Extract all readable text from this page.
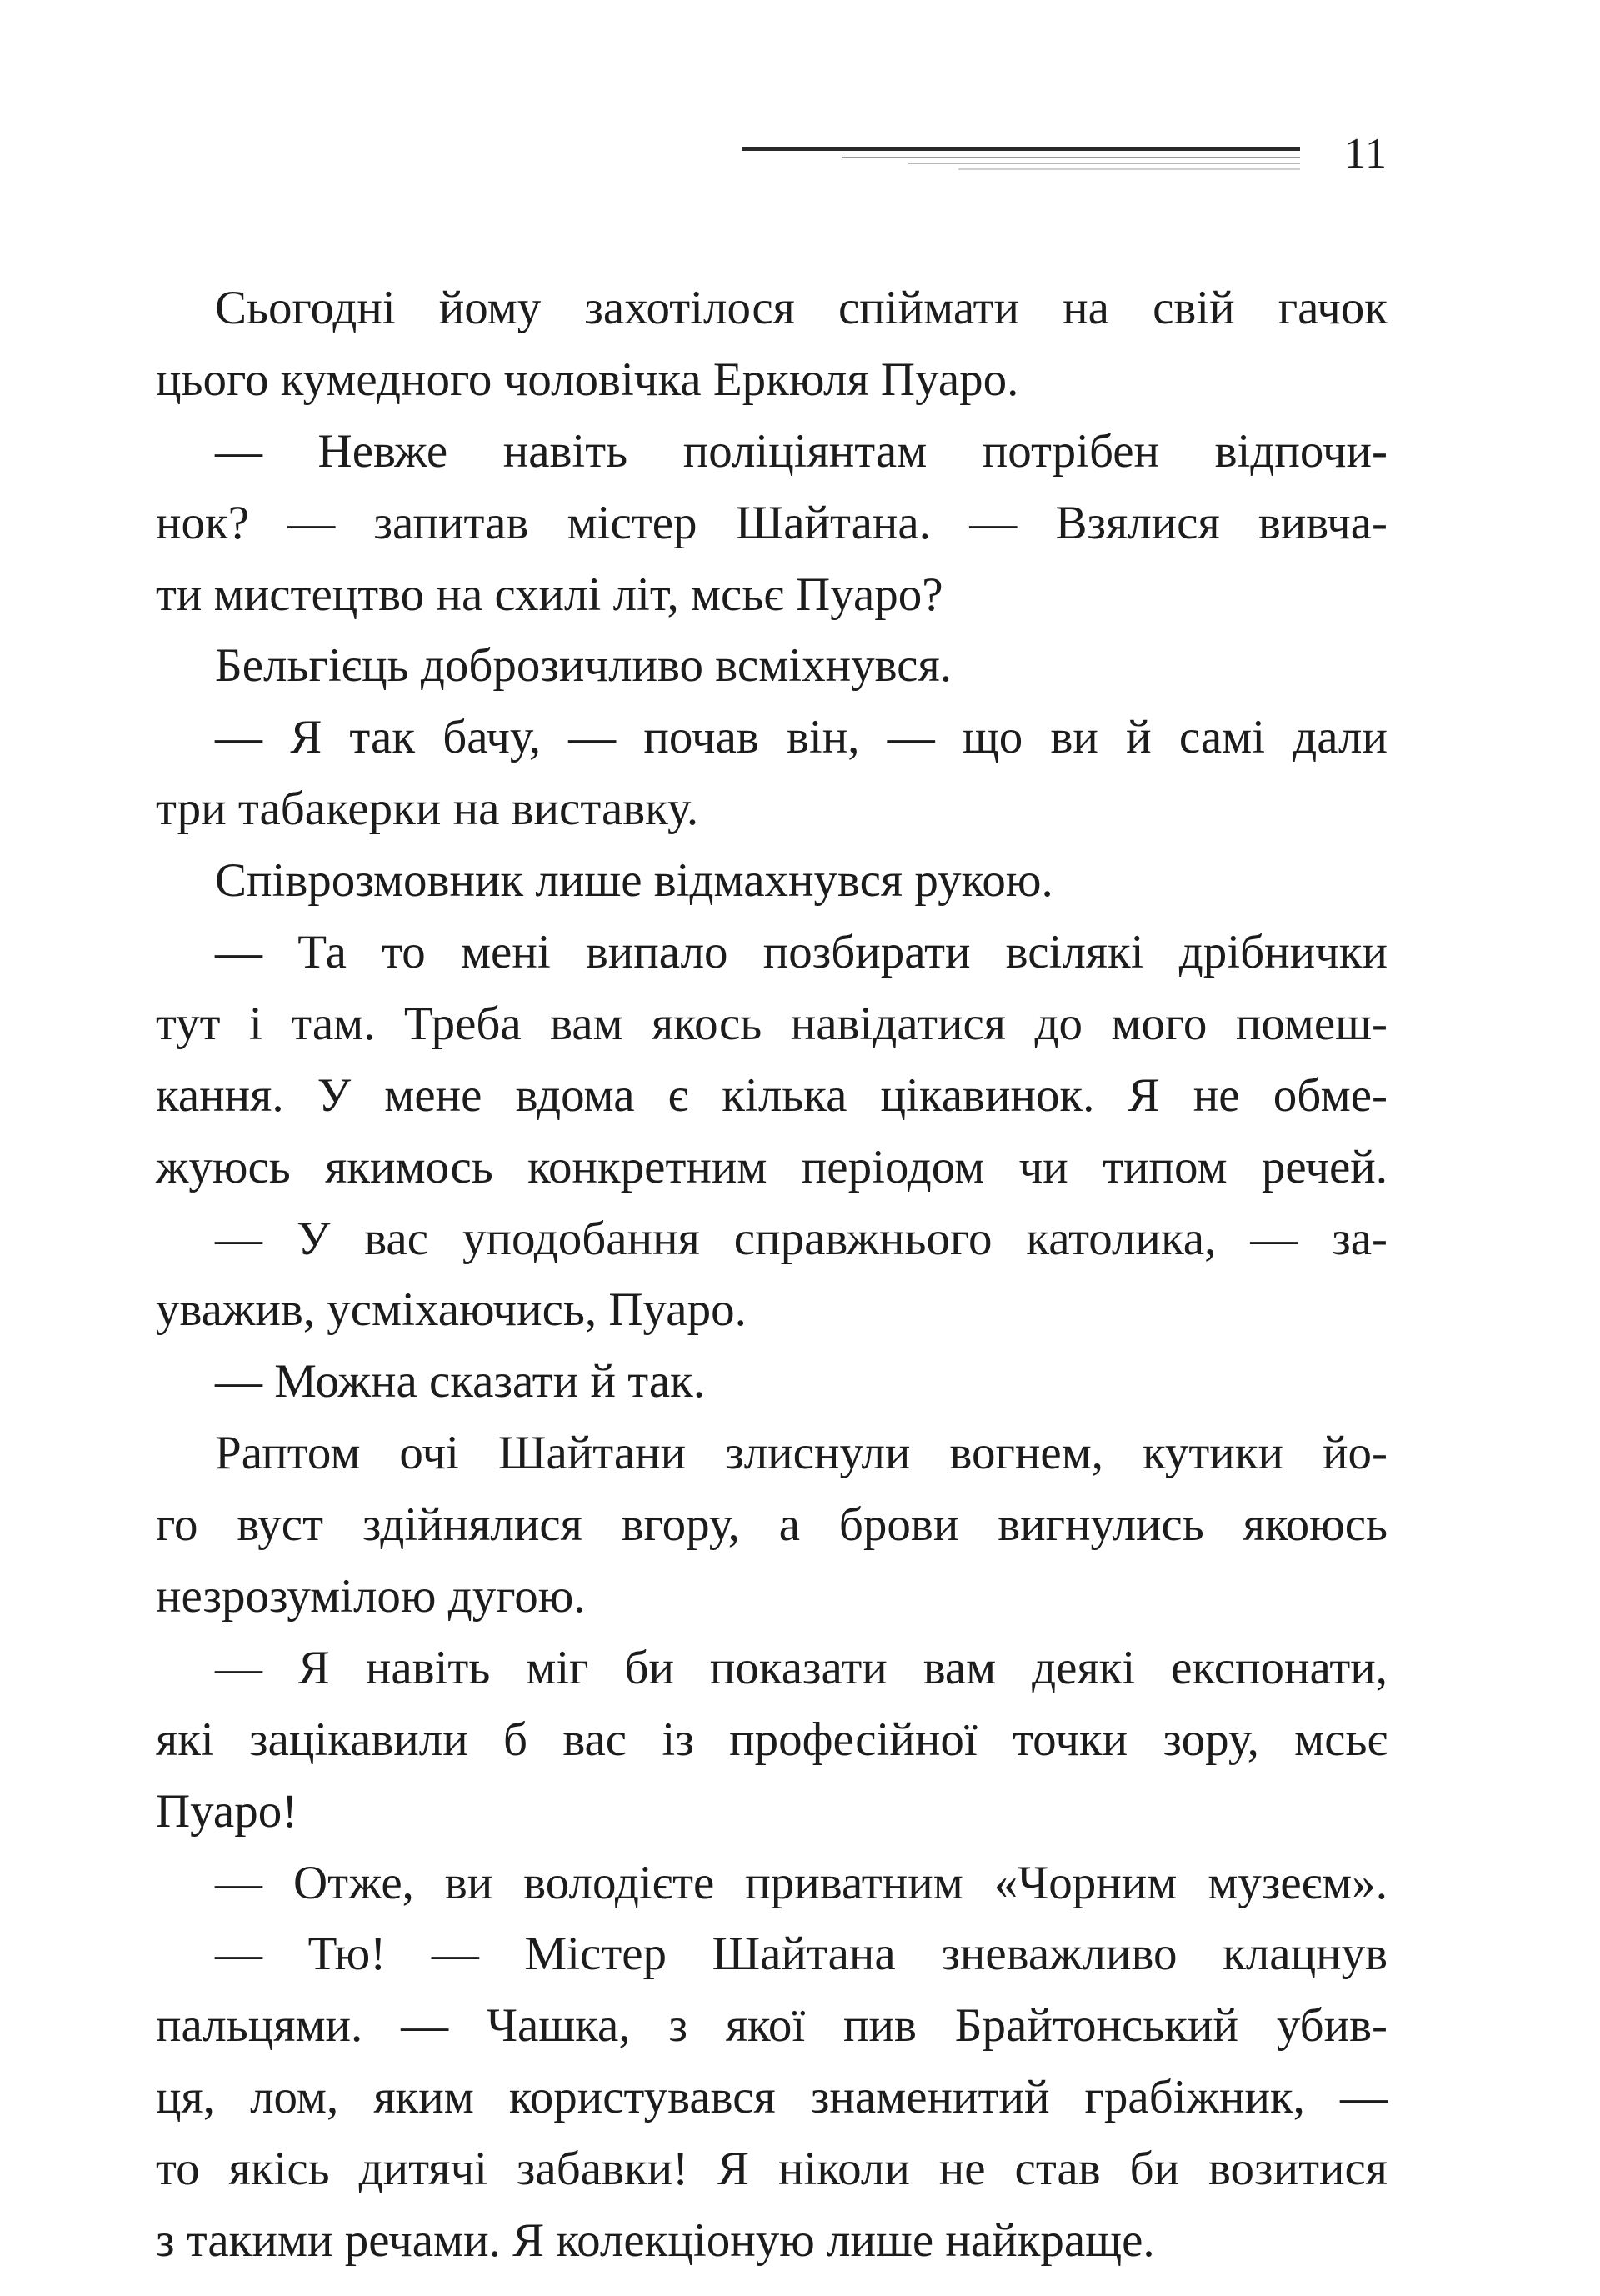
11
Сьогодні йому захотілося спіймати на свій гачок
цього кумедного чоловічка Еркюля Пуаро.
— Невже навіть поліціянтам потрібен відпочи-
нок? — запитав містер Шайтана. — Взялися вивча-
ти мистецтво на схилі літ, мсьє Пуаро?
Бельгієць доброзичливо всміхнувся.
— Я так бачу, — почав він, — що ви й самі дали
три табакерки на виставку.
Співрозмовник лише відмахнувся рукою.
— Та то мені випало позбирати всілякі дрібнички
тут і там. Треба вам якось навідатися до мого помеш-
кання. У мене вдома є кілька цікавинок. Я не обме-
жуюсь якимось конкретним періодом чи типом речей.
— У вас уподобання справжнього католика, — за-
уважив, усміхаючись, Пуаро.
— Можна сказати й так.
Раптом очі Шайтани злиснули вогнем, кутики йо-
го вуст здійнялися вгору, а брови вигнулись якоюсь
незрозумілою дугою.
— Я навіть міг би показати вам деякі експонати,
які зацікавили б вас із професійної точки зору, мсьє
Пуаро!
— Отже, ви володієте приватним «Чорним музеєм».
— Тю! — Містер Шайтана зневажливо клацнув
пальцями. — Чашка, з якої пив Брайтонський убив-
ця, лом, яким користувався знаменитий грабіжник, —
то якісь дитячі забавки! Я ніколи не став би возитися
з такими речами. Я колекціоную лише найкраще.
